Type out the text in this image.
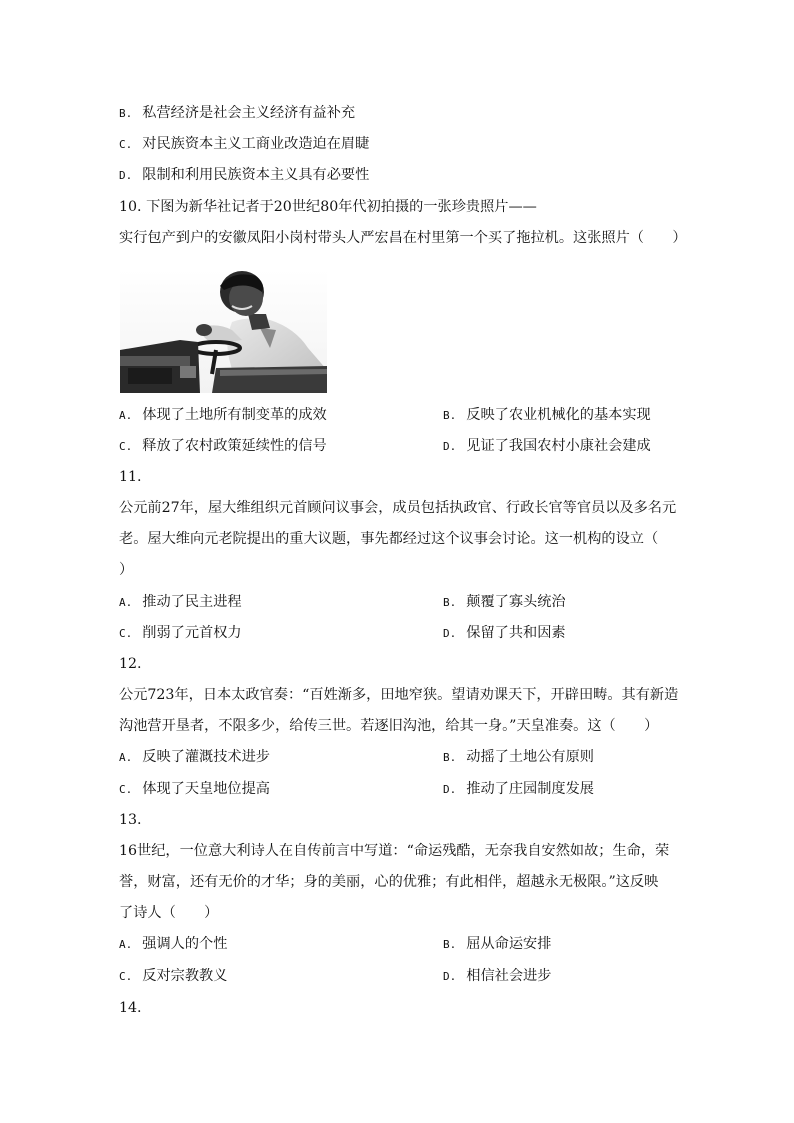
B. 私营经济是社会主义经济有益补充
C. 对民族资本主义工商业改造迫在眉睫
D. 限制和利用民族资本主义具有必要性
10. 下图为新华社记者于20世纪80年代初拍摄的一张珍贵照片——
实行包产到户的安徽凤阳小岗村带头人严宏昌在村里第一个买了拖拉机。这张照片（　　）
A. 体现了土地所有制变革的成效	B. 反映了农业机械化的基本实现
C. 释放了农村政策延续性的信号	D. 见证了我国农村小康社会建成
11.
公元前27年，屋大维组织元首顾问议事会，成员包括执政官、行政长官等官员以及多名元
老。屋大维向元老院提出的重大议题，事先都经过这个议事会讨论。这一机构的设立（
）
A. 推动了民主进程	B. 颠覆了寡头统治
C. 削弱了元首权力	D. 保留了共和因素
12.
公元723年，日本太政官奏：“百姓渐多，田地窄狭。望请劝课天下，开辟田畴。其有新造
沟池营开垦者，不限多少，给传三世。若逐旧沟池，给其一身。”天皇准奏。这（　　）
A. 反映了灌溉技术进步	B. 动摇了土地公有原则
C. 体现了天皇地位提高	D. 推动了庄园制度发展
13.
16世纪，一位意大利诗人在自传前言中写道：“命运残酷，无奈我自安然如故；生命，荣
誉，财富，还有无价的才华；身的美丽，心的优雅；有此相伴，超越永无极限。”这反映
了诗人（　　）
A. 强调人的个性	B. 屈从命运安排
C. 反对宗教教义	D. 相信社会进步
14.
